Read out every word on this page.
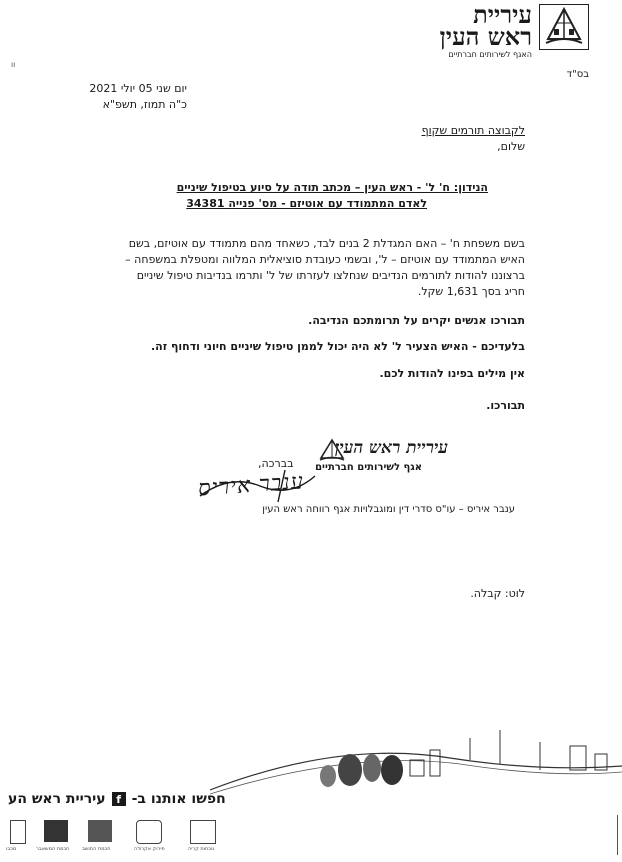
עיריית
ראש העין
האגף לשירותים חברתיים
וו
בס"ד
יום שני 05 יולי 2021
כ"ה תמוז, תשפ"א
לקבוצה תורמים שקוף
שלום,
הנידון: ח' ל' - ראש העין – מכתב תודה על סיוע בטיפול שיניים
לאדם המתמודד עם אוטיזם - מס' פנייה 34381
בשם משפחת ח' – האם המגדלת 2 בנים לבד, כשאחד מהם מתמודד עם אוטיזם, בשם
האיש המתמודד עם אוטיזם – ל', ובשמי כעובדת סוציאלית המלווה ומטפלת במשפחה –
ברצוננו להודות לתורמים הנדיבים שנחלצו לעזרתו של ל' ותרמו בנדיבות טיפול שיניים
חריג בסך 1,631 שקל.
תבורכו אנשים יקרים על תרומתכם הנדיבה.
בלעדיכם - האיש הצעיר ל' לא היה יכול לממן טיפול שיניים חיוני ודחוף זה.
אין מילים בפינו להודות לכם.
תבורכו.
עיריית ראש העין
אגף לשירותים חברתיים
בברכה,
ענבר איריס
ענבר איריס – עו"ס סדרי דין ומוגבלויות אגף רווחה ראש העין
לוט: קבלה.
חפשו אותנו ב-
f
עיריית ראש הע
מכבו	חכמת המשאבר	חכמת התושב	פירוק אקרודה	נוכחות קריה
